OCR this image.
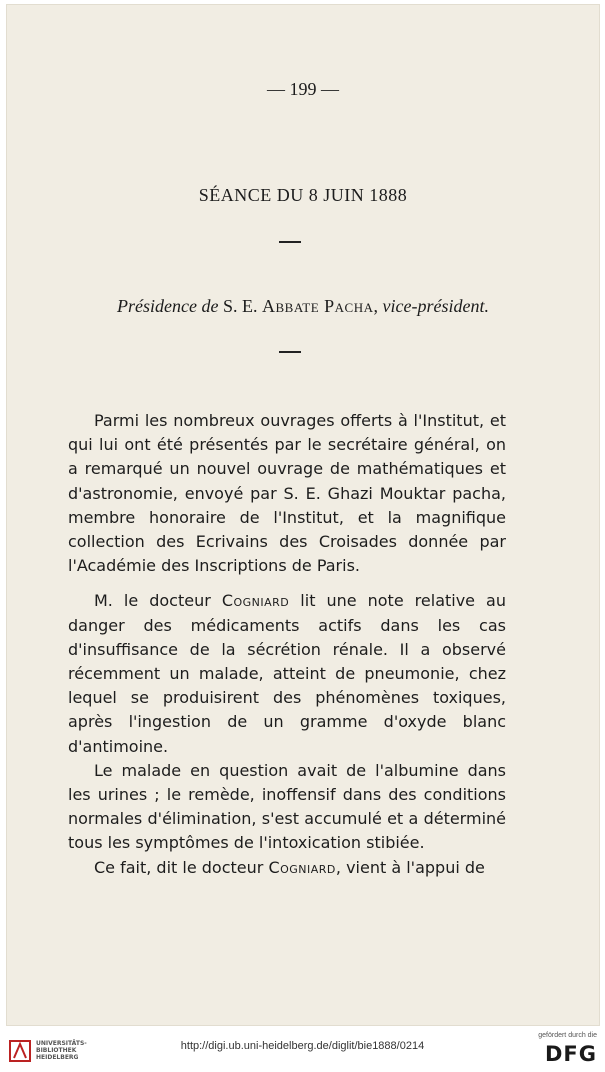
— 199 —
SÉANCE DU 8 JUIN 1888
Présidence de S. E. Abbate Pacha, vice-président.

Parmi les nombreux ouvrages offerts à l'Institut, et qui lui ont été présentés par le secrétaire général, on a remarqué un nouvel ouvrage de mathématiques et d'astronomie, envoyé par S. E. Ghazi Mouktar pacha, membre honoraire de l'Institut, et la magnifique collection des Ecrivains des Croisades donnée par l'Académie des Inscriptions de Paris.

M. le docteur Cogniard lit une note relative au danger des médicaments actifs dans les cas d'insuffisance de la sécrétion rénale. Il a observé récemment un malade, atteint de pneumonie, chez lequel se produisirent des phénomènes toxiques, après l'ingestion de un gramme d'oxyde blanc d'antimoine.

Le malade en question avait de l'albumine dans les urines ; le remède, inoffensif dans des conditions normales d'élimination, s'est accumulé et a déterminé tous les symptômes de l'intoxication stibiée.

Ce fait, dit le docteur Cogniard, vient à l'appui de

UNIVERSITÄTS-
BIBLIOTHEK
HEIDELBERG
http://digi.ub.uni-heidelberg.de/diglit/bie1888/0214
gefördert durch die
DFG
